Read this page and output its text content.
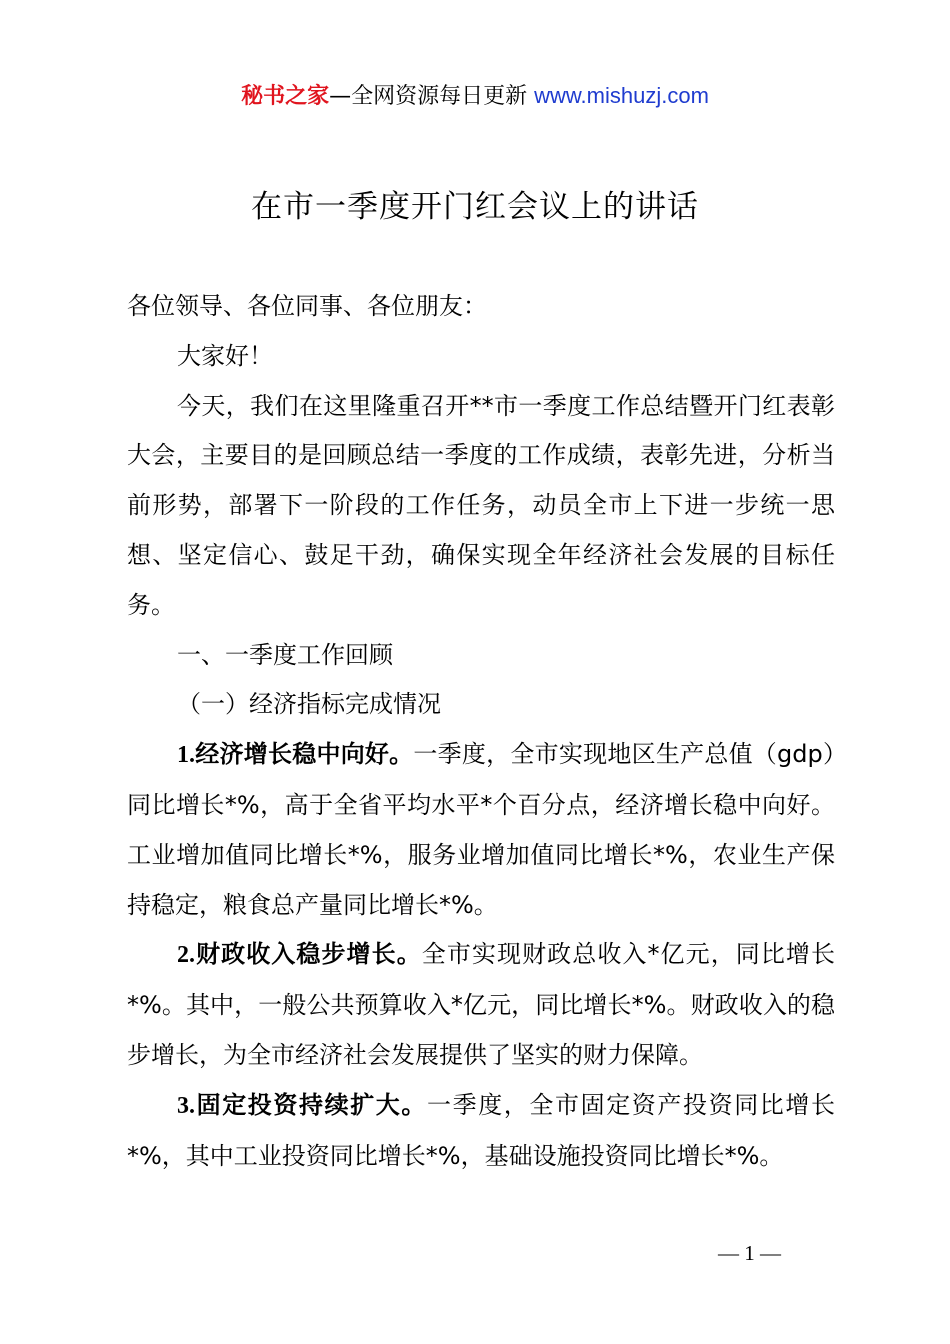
秘书之家—全网资源每日更新 www.mishuzj.com
在市一季度开门红会议上的讲话

各位领导、各位同事、各位朋友：

大家好！

今天，我们在这里隆重召开**市一季度工作总结暨开门红表彰大会，主要目的是回顾总结一季度的工作成绩，表彰先进，分析当前形势，部署下一阶段的工作任务，动员全市上下进一步统一思想、坚定信心、鼓足干劲，确保实现全年经济社会发展的目标任务。

一、一季度工作回顾

（一）经济指标完成情况

1.经济增长稳中向好。一季度，全市实现地区生产总值（gdp）同比增长*%，高于全省平均水平*个百分点，经济增长稳中向好。工业增加值同比增长*%，服务业增加值同比增长*%，农业生产保持稳定，粮食总产量同比增长*%。

2.财政收入稳步增长。全市实现财政总收入*亿元，同比增长*%。其中，一般公共预算收入*亿元，同比增长*%。财政收入的稳步增长，为全市经济社会发展提供了坚实的财力保障。

3.固定投资持续扩大。一季度，全市固定资产投资同比增长*%，其中工业投资同比增长*%，基础设施投资同比增长*%。

— 1 —
